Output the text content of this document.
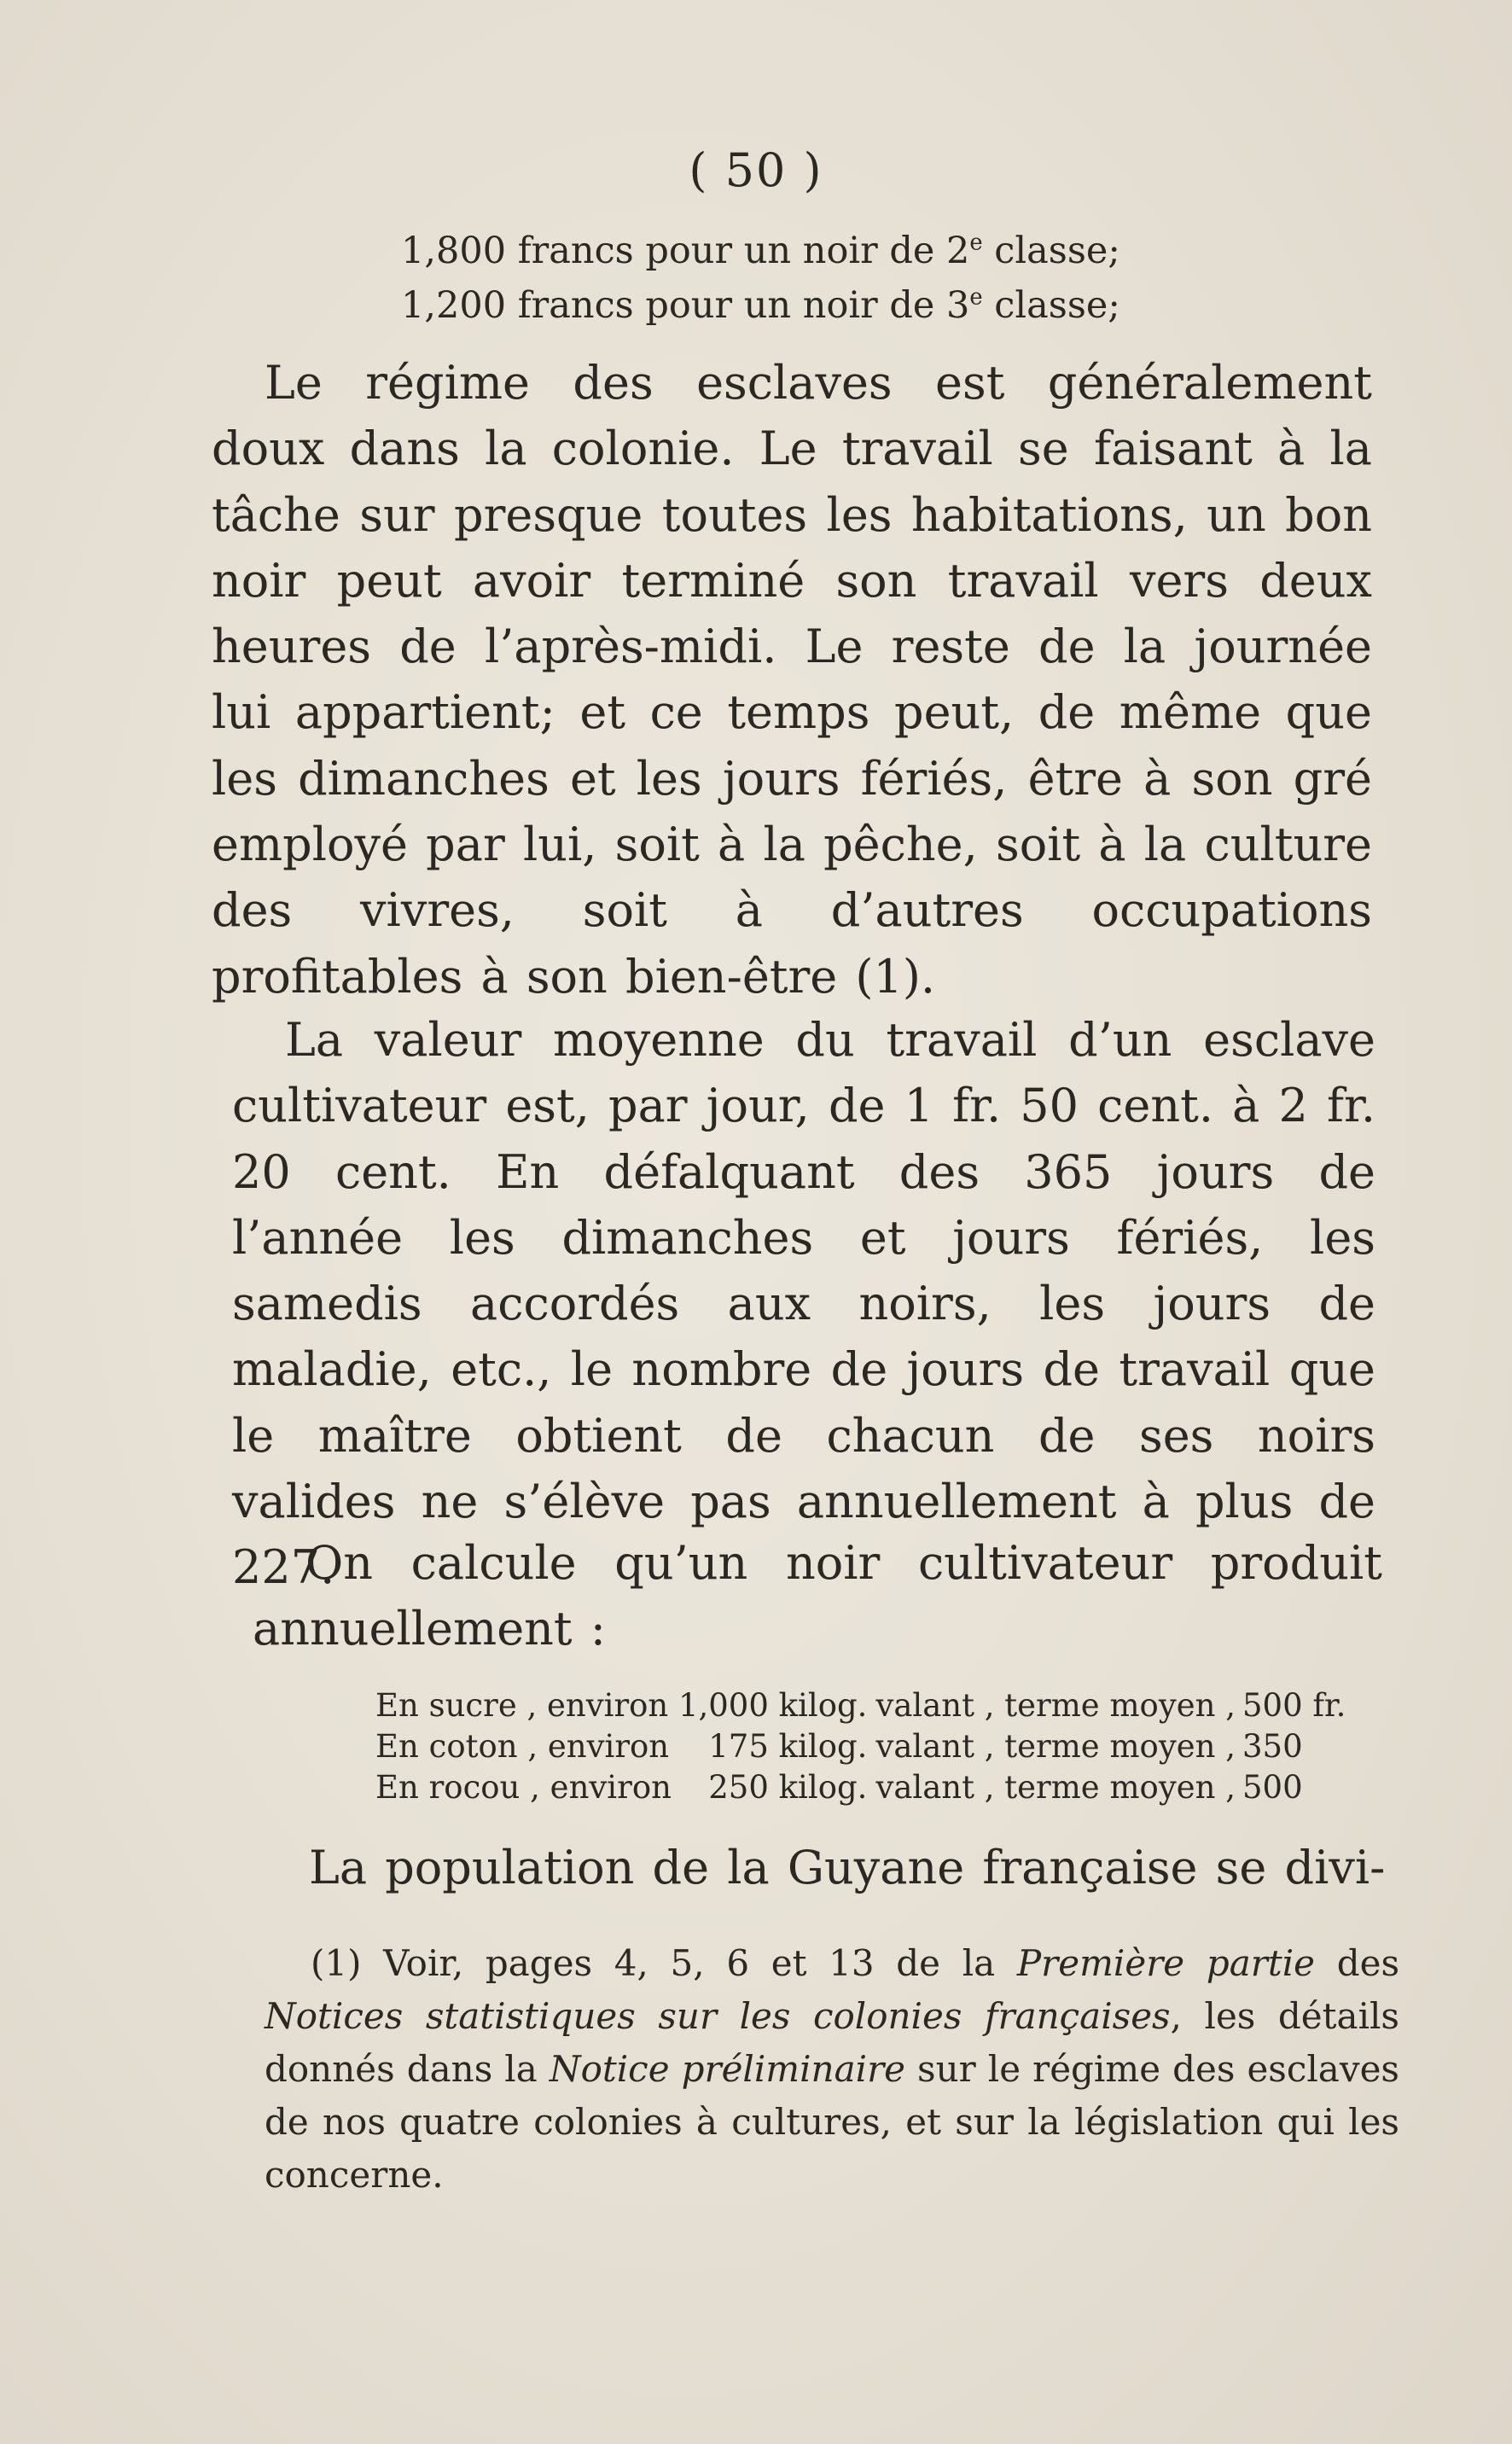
( 50 )
1,800 francs pour un noir de 2e classe;
1,200 francs pour un noir de 3e classe;

Le régime des esclaves est généralement doux dans la colonie. Le travail se faisant à la tâche sur presque toutes les habitations, un bon noir peut avoir terminé son travail vers deux heures de l’après-midi. Le reste de la journée lui appartient; et ce temps peut, de même que les dimanches et les jours fériés, être à son gré employé par lui, soit à la pêche, soit à la culture des vivres, soit à d’autres occupations profitables à son bien-être (1).

La valeur moyenne du travail d’un esclave cultivateur est, par jour, de 1 fr. 50 cent. à 2 fr. 20 cent. En défalquant des 365 jours de l’année les dimanches et jours fériés, les samedis accordés aux noirs, les jours de maladie, etc., le nombre de jours de travail que le maître obtient de chacun de ses noirs valides ne s’élève pas annuellement à plus de 227.

On calcule qu’un noir cultivateur produit annuellement :

En sucre , environ	1,000 kilog.	valant , terme moyen ,	500 fr.
En coton , environ	175 kilog.	valant , terme moyen ,	350
En rocou , environ	250 kilog.	valant , terme moyen ,	500

La population de la Guyane française se divi-

(1) Voir, pages 4, 5, 6 et 13 de la Première partie des Notices statistiques sur les colonies françaises, les détails donnés dans la Notice préliminaire sur le régime des esclaves de nos quatre colonies à cultures, et sur la législation qui les concerne.
